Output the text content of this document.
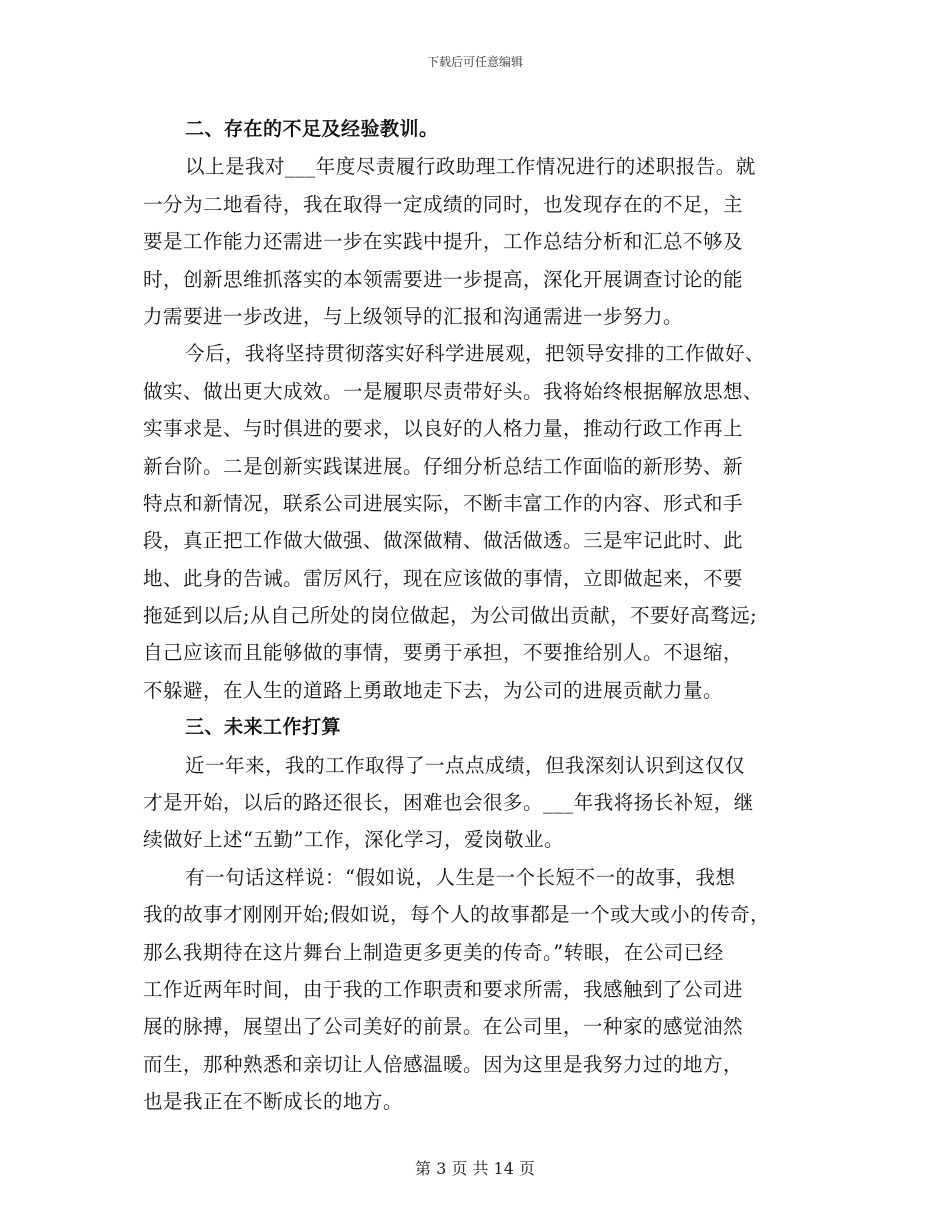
下载后可任意编辑
二、存在的不足及经验教训。
以上是我对___年度尽责履行政助理工作情况进行的述职报告。就
一分为二地看待，我在取得一定成绩的同时，也发现存在的不足，主
要是工作能力还需进一步在实践中提升，工作总结分析和汇总不够及
时，创新思维抓落实的本领需要进一步提高，深化开展调查讨论的能
力需要进一步改进，与上级领导的汇报和沟通需进一步努力。
今后，我将坚持贯彻落实好科学进展观，把领导安排的工作做好、
做实、做出更大成效。一是履职尽责带好头。我将始终根据解放思想、
实事求是、与时俱进的要求，以良好的人格力量，推动行政工作再上
新台阶。二是创新实践谋进展。仔细分析总结工作面临的新形势、新
特点和新情况，联系公司进展实际，不断丰富工作的内容、形式和手
段，真正把工作做大做强、做深做精、做活做透。三是牢记此时、此
地、此身的告诫。雷厉风行，现在应该做的事情，立即做起来，不要
拖延到以后;从自己所处的岗位做起，为公司做出贡献，不要好高骛远;
自己应该而且能够做的事情，要勇于承担，不要推给别人。不退缩，
不躲避，在人生的道路上勇敢地走下去，为公司的进展贡献力量。
三、未来工作打算
近一年来，我的工作取得了一点点成绩，但我深刻认识到这仅仅
才是开始，以后的路还很长，困难也会很多。___年我将扬长补短，继
续做好上述“五勤”工作，深化学习，爱岗敬业。
有一句话这样说：“假如说，人生是一个长短不一的故事，我想
我的故事才刚刚开始;假如说，每个人的故事都是一个或大或小的传奇，
那么我期待在这片舞台上制造更多更美的传奇。”转眼，在公司已经
工作近两年时间，由于我的工作职责和要求所需，我感触到了公司进
展的脉搏，展望出了公司美好的前景。在公司里，一种家的感觉油然
而生，那种熟悉和亲切让人倍感温暖。因为这里是我努力过的地方，
也是我正在不断成长的地方。
第 3 页 共 14 页
